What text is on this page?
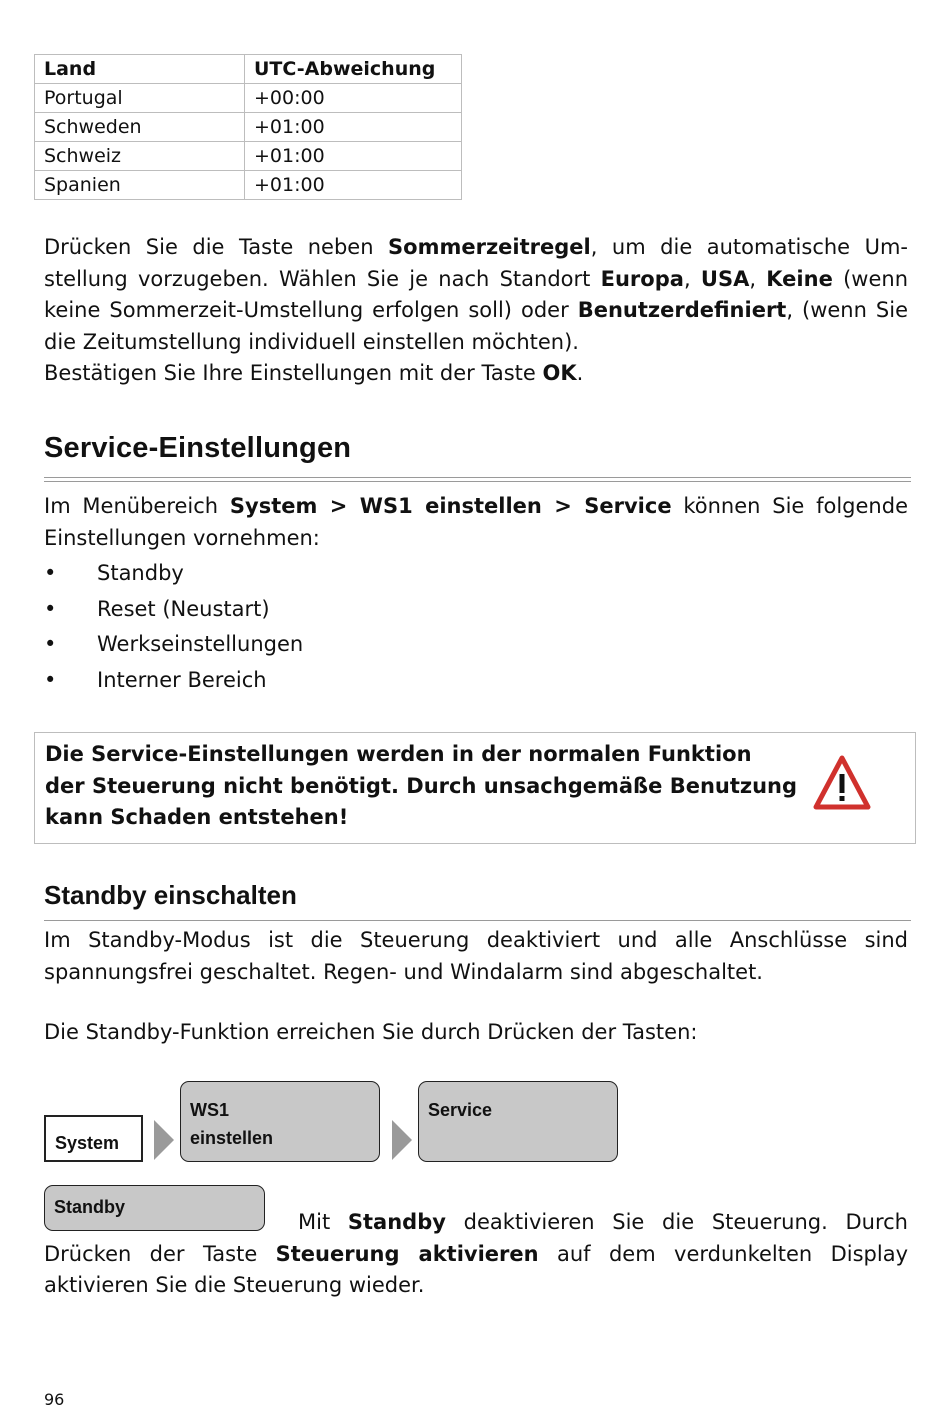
Land	UTC-Abweichung
Portugal	+00:00
Schweden	+01:00
Schweiz	+01:00
Spanien	+01:00
Drücken Sie die Taste neben Sommerzeitregel, um die automatische Umstellung vorzugeben. Wählen Sie je nach Standort Europa, USA, Keine (wenn keine Sommerzeit-Umstellung erfolgen soll) oder Benutzerdefiniert, (wenn Sie die Zeitumstellung individuell einstellen möchten).
Bestätigen Sie Ihre Einstellungen mit der Taste OK.
Service-Einstellungen
Im Menübereich System > WS1 einstellen > Service können Sie folgende Einstellungen vornehmen:
• Standby
• Reset (Neustart)
• Werkseinstellungen
• Interner Bereich
Die Service-Einstellungen werden in der normalen Funktion
der Steuerung nicht benötigt. Durch unsachgemäße Benutzung
kann Schaden entstehen!
Standby einschalten
Im Standby-Modus ist die Steuerung deaktiviert und alle Anschlüsse sind spannungsfrei geschaltet. Regen- und Windalarm sind abgeschaltet.
Die Standby-Funktion erreichen Sie durch Drücken der Tasten:
System
WS1
einstellen
Service
Standby
Mit Standby deaktivieren Sie die Steuerung. Durch Drücken der Taste Steuerung aktivieren auf dem verdunkelten Display aktivieren Sie die Steuerung wieder.
96
